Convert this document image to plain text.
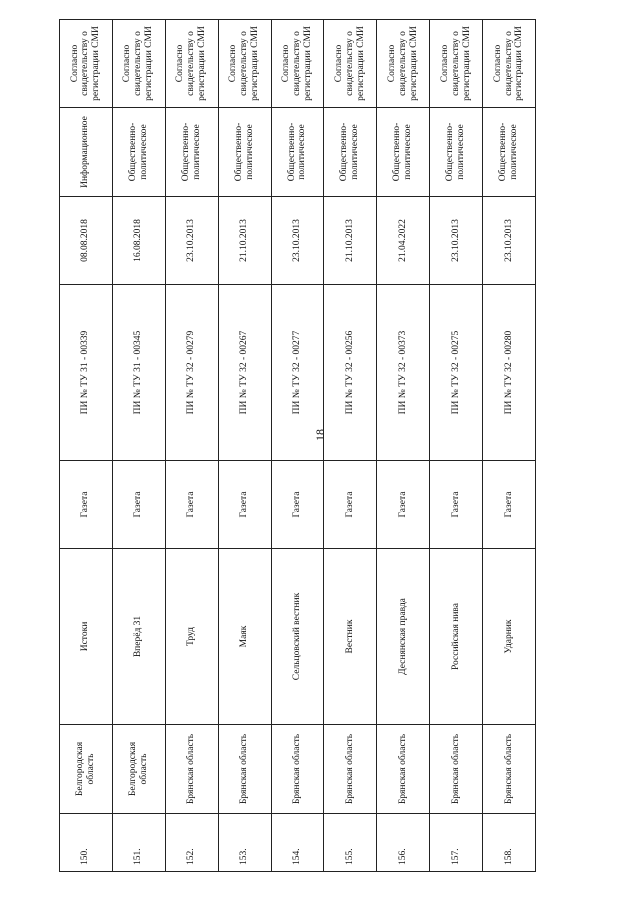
18
150.	Белгородская область	Истоки	Газета	ПИ № ТУ 31 - 00339	08.08.2018	Информационное	Согласно свидетельству о регистрации СМИ
151.	Белгородская область	Вперёд 31	Газета	ПИ № ТУ 31 - 00345	16.08.2018	Общественно-политическое	Согласно свидетельству о регистрации СМИ
152.	Брянская область	Труд	Газета	ПИ № ТУ 32 - 00279	23.10.2013	Общественно-политическое	Согласно свидетельству о регистрации СМИ
153.	Брянская область	Маяк	Газета	ПИ № ТУ 32 - 00267	21.10.2013	Общественно-политическое	Согласно свидетельству о регистрации СМИ
154.	Брянская область	Сельцовский вестник	Газета	ПИ № ТУ 32 - 00277	23.10.2013	Общественно-политическое	Согласно свидетельству о регистрации СМИ
155.	Брянская область	Вестник	Газета	ПИ № ТУ 32 - 00256	21.10.2013	Общественно-политическое	Согласно свидетельству о регистрации СМИ
156.	Брянская область	Деснянская правда	Газета	ПИ № ТУ 32 - 00373	21.04.2022	Общественно-политическое	Согласно свидетельству о регистрации СМИ
157.	Брянская область	Российская нива	Газета	ПИ № ТУ 32 - 00275	23.10.2013	Общественно-политическое	Согласно свидетельству о регистрации СМИ
158.	Брянская область	Ударник	Газета	ПИ № ТУ 32 - 00280	23.10.2013	Общественно-политическое	Согласно свидетельству о регистрации СМИ
